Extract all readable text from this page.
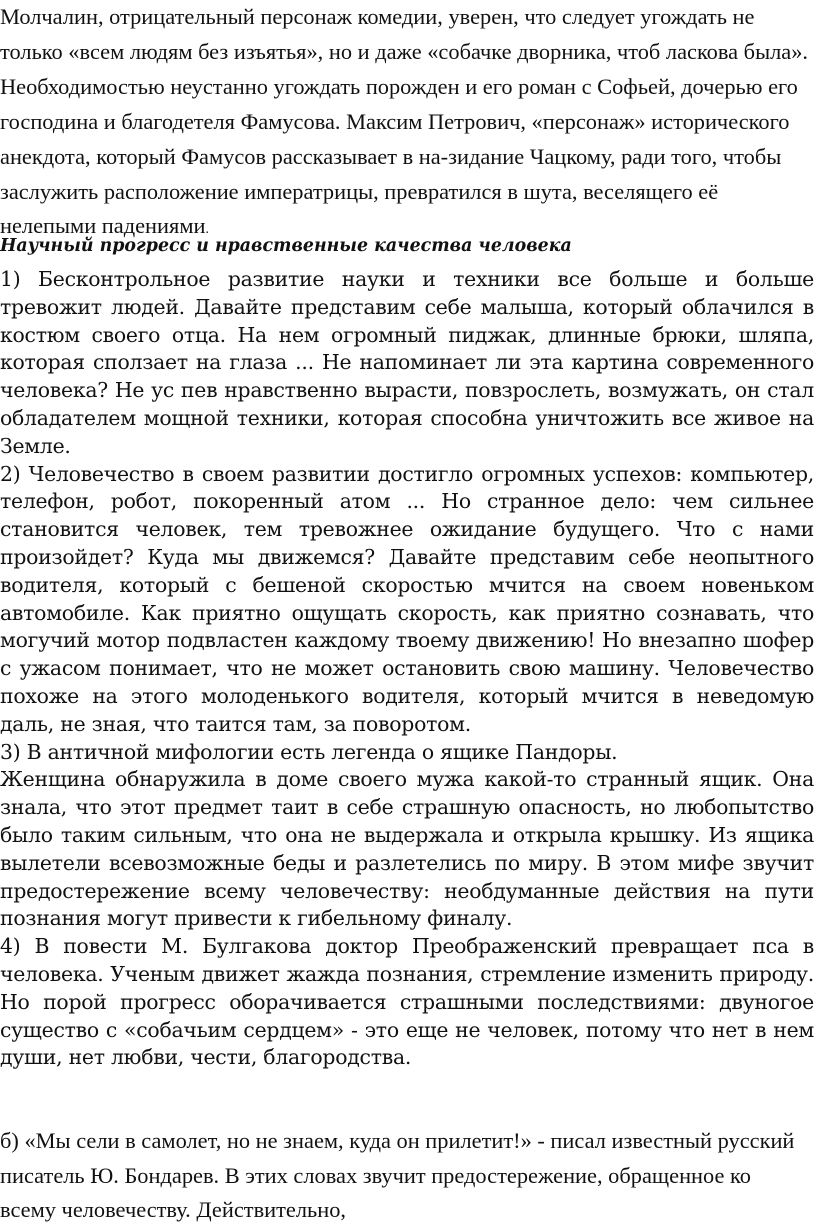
Молчалин, отрицательный персонаж комедии, уверен, что следует угождать не только «всем людям без изъятья», но и даже «собачке дворника, чтоб ласкова была». Необходимостью неустанно угождать порожден и его роман с Софьей, дочерью его господина и благодетеля Фамусова. Максим Петрович, «персонаж» исторического анекдота, который Фамусов рассказывает в на-зидание Чацкому, ради того, чтобы заслужить расположение императрицы, превратился в шута, веселящего её нелепыми падениями.

Научный прогресс и нравственные качества человека

1) Бесконтрольное развитие науки и техники все больше и больше тревожит людей. Давайте представим себе малыша, который облачился в костюм своего отца. На нем огромный пиджак, длинные брюки, шляпа, которая сползает на глаза ... Не напоминает ли эта картина современного человека? Не ус пев нравственно вырасти, повзрослеть, возмужать, он стал обладателем мощной техники, которая способна уничтожить все живое на Земле.

2) Человечество в своем развитии достигло огромных успехов: компьютер, телефон, робот, покоренный атом ... Но странное дело: чем сильнее становится человек, тем тревожнее ожидание будущего. Что с нами произойдет? Куда мы движемся? Давайте представим себе неопытного водителя, который с бешеной скоростью мчится на своем новеньком автомобиле. Как приятно ощущать скорость, как приятно сознавать, что могучий мотор подвластен каждому твоему движению! Но внезапно шофер с ужасом понимает, что не может остановить свою машину. Человечество похоже на этого молоденького водителя, который мчится в неведомую даль, не зная, что таится там, за поворотом.

3) В античной мифологии есть легенда о ящике Пандоры.

Женщина обнаружила в доме своего мужа какой-то странный ящик. Она знала, что этот предмет таит в себе страшную опасность, но любопытство было таким сильным, что она не выдержала и открыла крышку. Из ящика вылетели всевозможные беды и разлетелись по миру. В этом мифе звучит предостережение всему человечеству: необдуманные действия на пути познания могут привести к гибельному финалу.

4) В повести М. Булгакова доктор Преображенский превращает пса в человека. Ученым движет жажда познания, стремление изменить природу. Но порой прогресс оборачивается страшными последствиями: двуногое существо с «собачьим сердцем» - это еще не человек, потому что нет в нем души, нет любви, чести, благородства.

б) «Мы сели в самолет, но не знаем, куда он прилетит!» - писал известный русский писатель Ю. Бондарев. В этих словах звучит предостережение, обращенное ко всему человечеству. Действительно,
